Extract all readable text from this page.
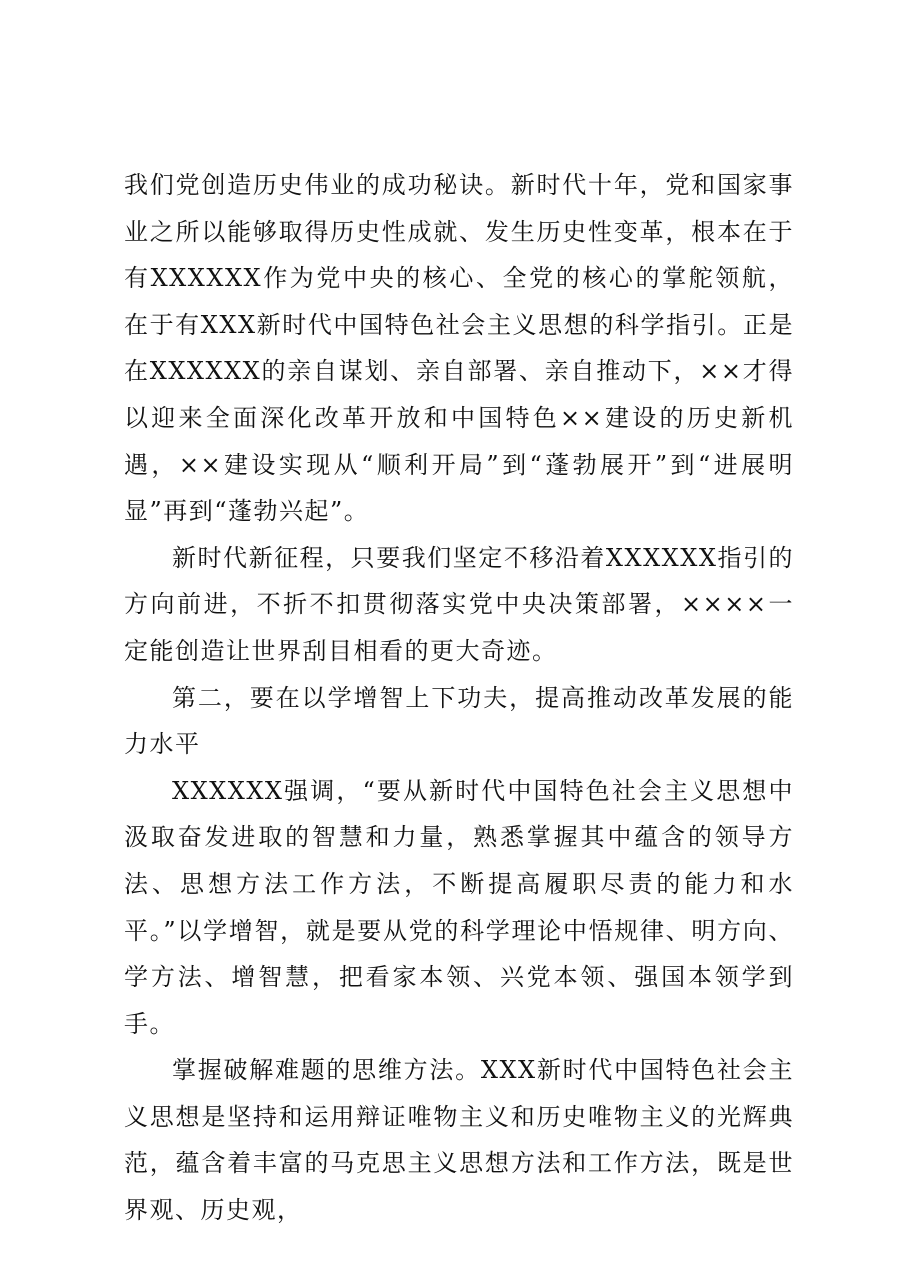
我们党创造历史伟业的成功秘诀。新时代十年，党和国家事业之所以能够取得历史性成就、发生历史性变革，根本在于有XXXXXX作为党中央的核心、全党的核心的掌舵领航，在于有XXX新时代中国特色社会主义思想的科学指引。正是在XXXXXX的亲自谋划、亲自部署、亲自推动下，××才得以迎来全面深化改革开放和中国特色××建设的历史新机遇，××建设实现从“顺利开局”到“蓬勃展开”到“进展明显”再到“蓬勃兴起”。

新时代新征程，只要我们坚定不移沿着XXXXXX指引的方向前进，不折不扣贯彻落实党中央决策部署，××××一定能创造让世界刮目相看的更大奇迹。

第二，要在以学增智上下功夫，提高推动改革发展的能力水平

XXXXXX强调，“要从新时代中国特色社会主义思想中汲取奋发进取的智慧和力量，熟悉掌握其中蕴含的领导方法、思想方法工作方法，不断提高履职尽责的能力和水平。”以学增智，就是要从党的科学理论中悟规律、明方向、学方法、增智慧，把看家本领、兴党本领、强国本领学到手。

掌握破解难题的思维方法。XXX新时代中国特色社会主义思想是坚持和运用辩证唯物主义和历史唯物主义的光辉典范，蕴含着丰富的马克思主义思想方法和工作方法，既是世界观、历史观，
